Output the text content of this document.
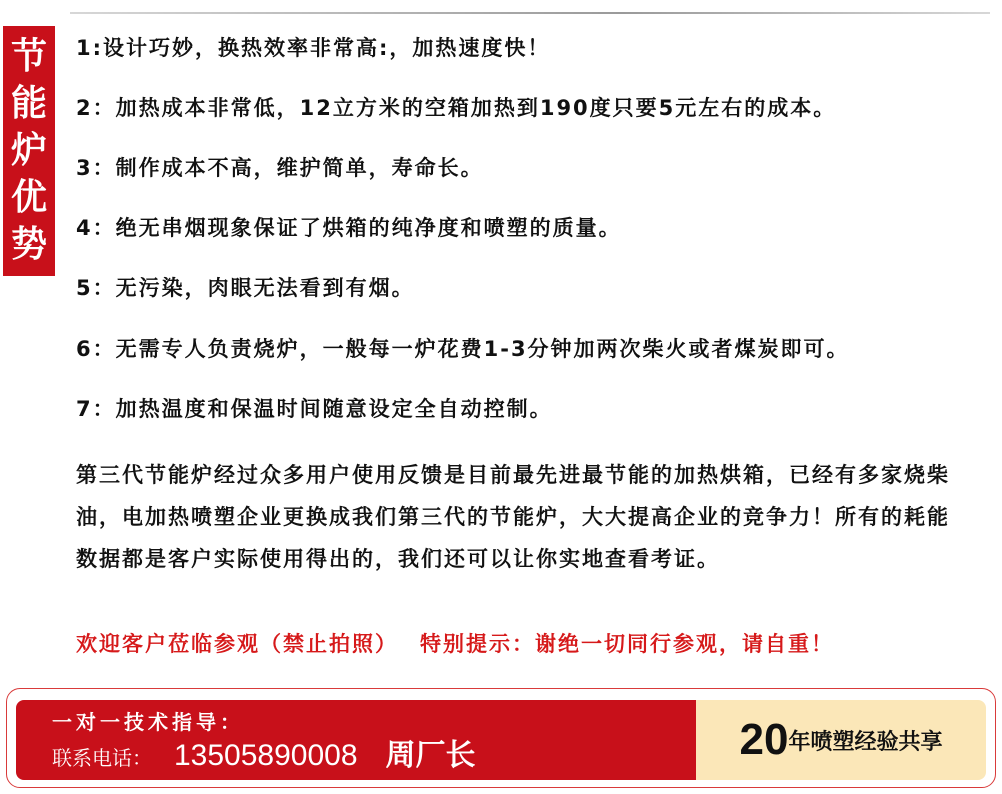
节
能
炉
优
势
1:设计巧妙，换热效率非常高:，加热速度快！
2：加热成本非常低，12立方米的空箱加热到190度只要5元左右的成本。
3：制作成本不高，维护简单，寿命长。
4：绝无串烟现象保证了烘箱的纯净度和喷塑的质量。
5：无污染，肉眼无法看到有烟。
6：无需专人负责烧炉，一般每一炉花费1-3分钟加两次柴火或者煤炭即可。
7：加热温度和保温时间随意设定全自动控制。
第三代节能炉经过众多用户使用反馈是目前最先进最节能的加热烘箱，已经有多家烧柴油，电加热喷塑企业更换成我们第三代的节能炉，大大提高企业的竞争力！所有的耗能数据都是客户实际使用得出的，我们还可以让你实地查看考证。
欢迎客户莅临参观（禁止拍照） 特别提示：谢绝一切同行参观，请自重！
一对一技术指导：
联系电话： 13505890008 周厂长	20 年喷塑经验共享
